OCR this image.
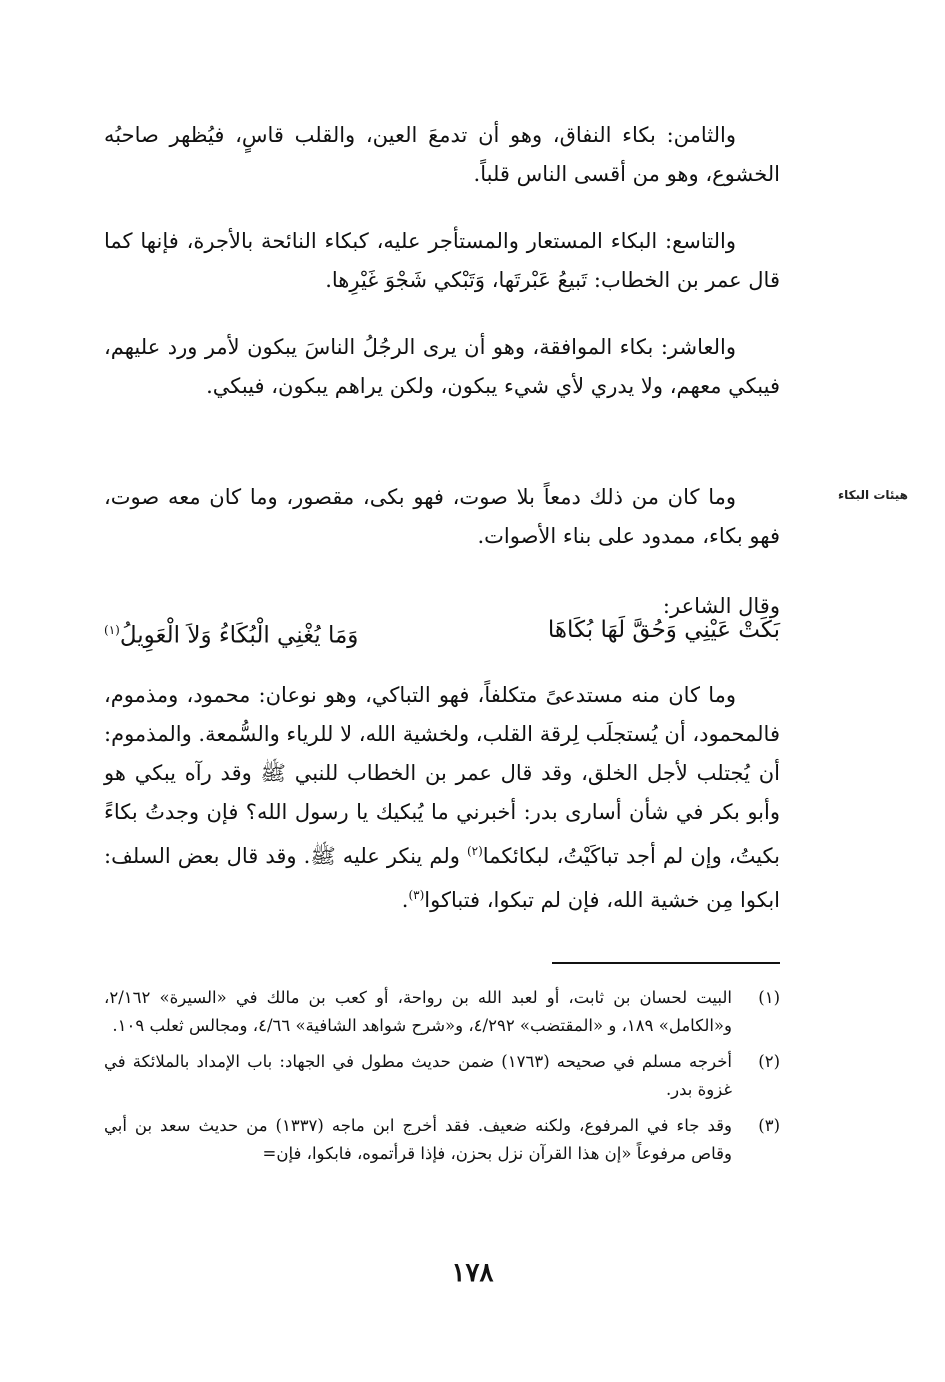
هيئات البكاء

والثامن: بكاء النفاق، وهو أن تدمعَ العين، والقلب قاسٍ، فيُظهر صاحبُه الخشوع، وهو من أقسى الناس قلباً.

والتاسع: البكاء المستعار والمستأجر عليه، كبكاء النائحة بالأجرة، فإنها كما قال عمر بن الخطاب: تَبيعُ عَبْرتَها، وَتَبْكي شَجْوَ غَيْرِها.

والعاشر: بكاء الموافقة، وهو أن يرى الرجُلُ الناسَ يبكون لأمر ورد عليهم، فيبكي معهم، ولا يدري لأي شيء يبكون، ولكن يراهم يبكون، فيبكي.

وما كان من ذلك دمعاً بلا صوت، فهو بكى، مقصور، وما كان معه صوت، فهو بكاء، ممدود على بناء الأصوات.

وقال الشاعر:

بَكَتْ عَيْنِي وَحُقَّ لَهَا بُكَاهَا
وَمَا يُغْنِي الْبُكَاءُ وَلاَ الْعَوِيلُ$^{(١)}$

وما كان منه مستدعىً متكلفاً، فهو التباكي، وهو نوعان: محمود، ومذموم، فالمحمود، أن يُستجلَب لِرقة القلب، ولخشية الله، لا للرياء والسُّمعة. والمذموم: أن يُجتلب لأجل الخلق، وقد قال عمر بن الخطاب للنبي ﷺ وقد رآه يبكي هو وأبو بكر في شأن أسارى بدر: أخبرني ما يُبكيك يا رسول الله؟ فإن وجدتُ بكاءً بكيتُ، وإن لم أجد تباكَيْتُ، لبكائكما$^{(٢)}$ ولم ينكر عليه ﷺ. وقد قال بعض السلف: ابكوا مِن خشية الله، فإن لم تبكوا، فتباكوا$^{(٣)}$.

(١)
البيت لحسان بن ثابت، أو لعبد الله بن رواحة، أو كعب بن مالك في «السيرة» ٢/١٦٢، و«الكامل» ١٨٩، و «المقتضب» ٤/٢٩٢، و«شرح شواهد الشافية» ٤/٦٦، ومجالس ثعلب ١٠٩.
(٢)
أخرجه مسلم في صحيحه (١٧٦٣) ضمن حديث مطول في الجهاد: باب الإمداد بالملائكة في غزوة بدر.
(٣)
وقد جاء في المرفوع، ولكنه ضعيف. فقد أخرج ابن ماجه (١٣٣٧) من حديث سعد بن أبي وقاص مرفوعاً «إن هذا القرآن نزل بحزن، فإذا قرأتموه، فابكوا، فإن=
١٧٨
